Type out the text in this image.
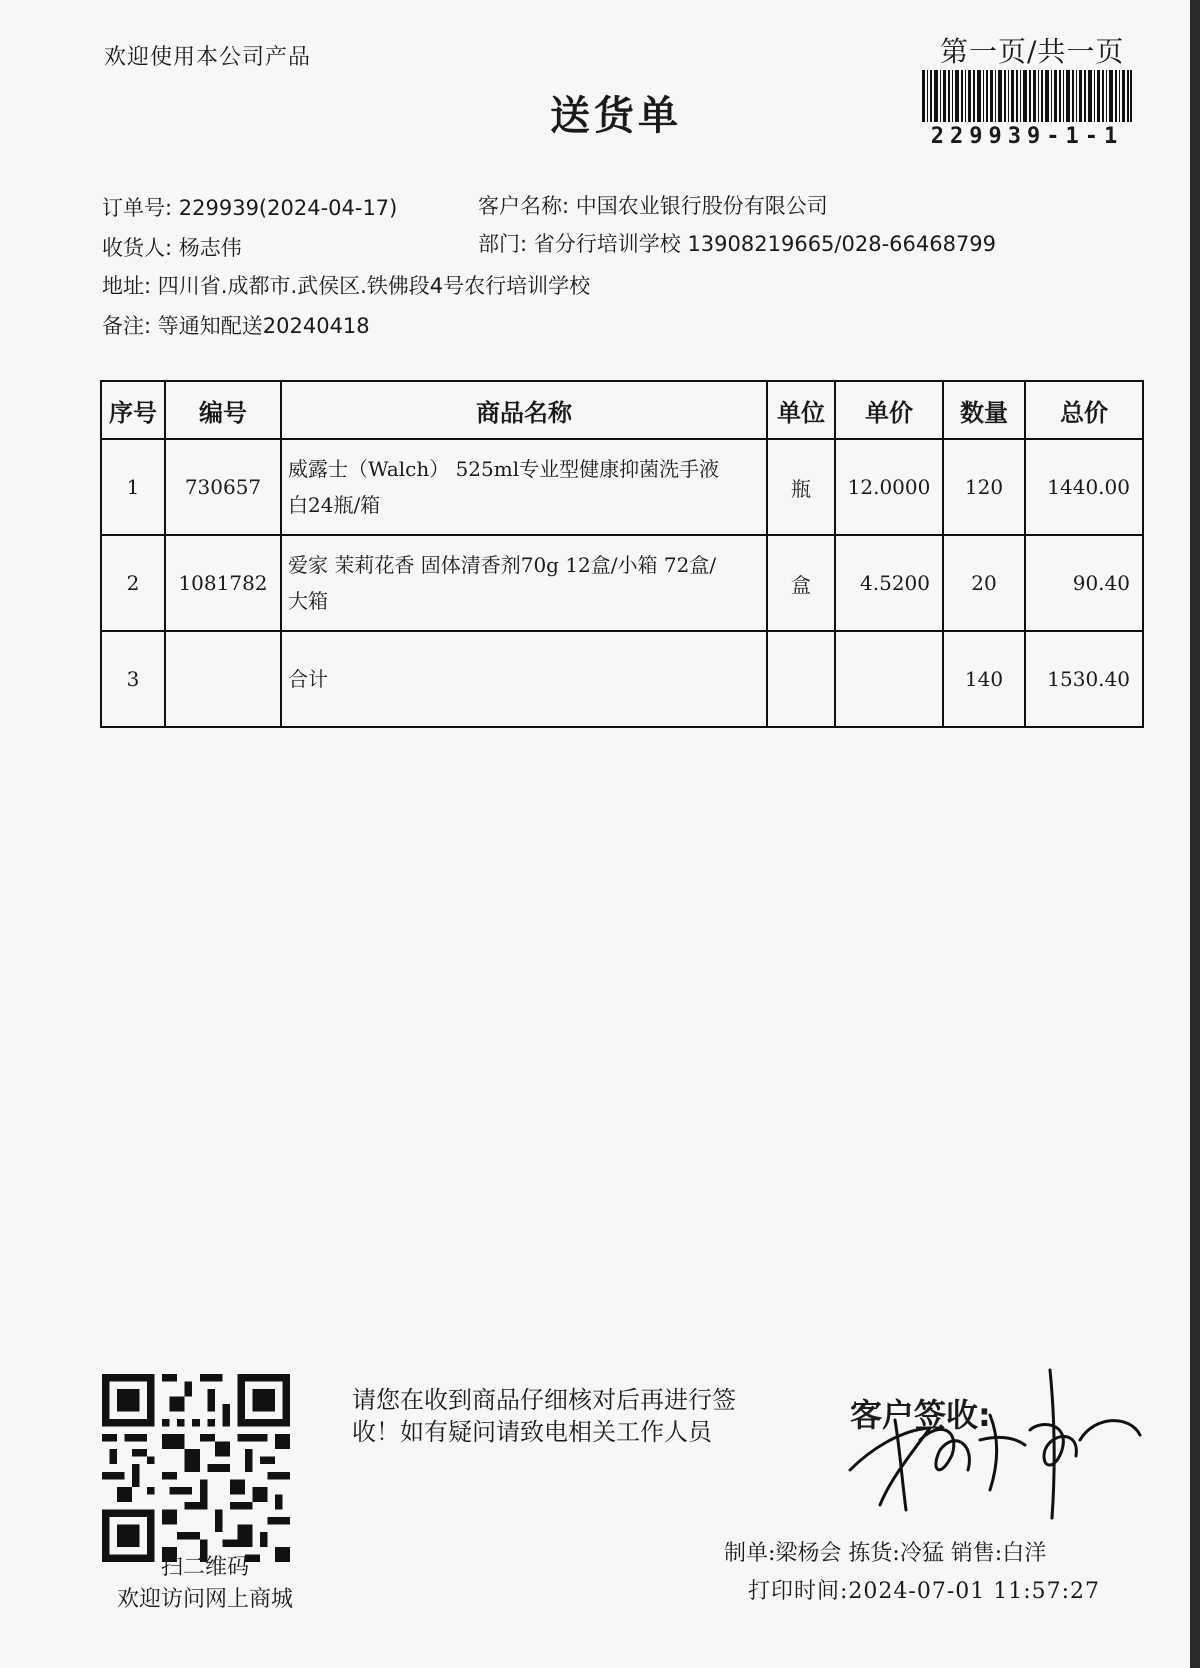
欢迎使用本公司产品
送货单
第一页/共一页
229939-1-1
订单号: 229939(2024-04-17)	客户名称: 中国农业银行股份有限公司
收货人: 杨志伟	部门: 省分行培训学校 13908219665/028-66468799
地址: 四川省.成都市.武侯区.铁佛段4号农行培训学校
备注: 等通知配送20240418
序号	编号	商品名称	单位	单价	数量	总价
1	730657	威露士（Walch） 525ml专业型健康抑菌洗手液
白24瓶/箱	瓶	12.0000	120	1440.00
2	1081782	爱家 茉莉花香 固体清香剂70g 12盒/小箱 72盒/
大箱	盒	4.5200	20	90.40
3		合计			140	1530.40
扫二维码
欢迎访问网上商城
请您在收到商品仔细核对后再进行签
收！如有疑问请致电相关工作人员	客户签收:
制单:梁杨会 拣货:冷猛 销售:白洋
打印时间:2024-07-01 11:57:27
